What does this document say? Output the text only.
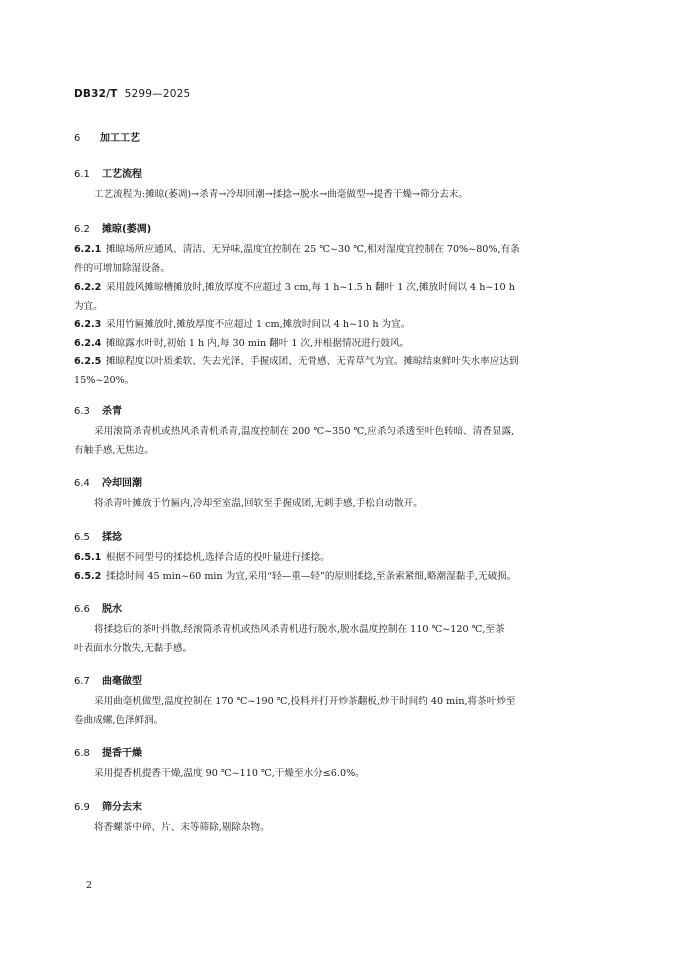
DB32/T 5299—2025
6 加工工艺
6.1 工艺流程
工艺流程为:摊晾(萎凋)→杀青→冷却回潮→揉捻→脱水→曲毫做型→提香干燥→筛分去末。
6.2 摊晾(萎凋)
6.2.1 摊晾场所应通风、清洁、无异味,温度宜控制在 25 ℃~30 ℃,相对湿度宜控制在 70%~80%,有条
件的可增加除湿设备。
6.2.2 采用鼓风摊晾槽摊放时,摊放厚度不应超过 3 cm,每 1 h~1.5 h 翻叶 1 次,摊放时间以 4 h~10 h
为宜。
6.2.3 采用竹匾摊放时,摊放厚度不应超过 1 cm,摊放时间以 4 h~10 h 为宜。
6.2.4 摊晾露水叶时,初始 1 h 内,每 30 min 翻叶 1 次,并根据情况进行鼓风。
6.2.5 摊晾程度以叶质柔软、失去光泽、手握成团、无骨感、无青草气为宜。摊晾结束鲜叶失水率应达到
15%~20%。
6.3 杀青
采用滚筒杀青机或热风杀青机杀青,温度控制在 200 ℃~350 ℃,应杀匀杀透至叶色转暗、清香显露,
有触手感,无焦边。
6.4 冷却回潮
将杀青叶摊放于竹匾内,冷却至室温,回软至手握成团,无刺手感,手松自动散开。
6.5 揉捻
6.5.1 根据不同型号的揉捻机,选择合适的投叶量进行揉捻。
6.5.2 揉捻时间 45 min~60 min 为宜,采用“轻—重—轻”的原则揉捻,至条索紧细,略潮湿黏手,无破损。
6.6 脱水
将揉捻后的茶叶抖散,经滚筒杀青机或热风杀青机进行脱水,脱水温度控制在 110 ℃~120 ℃,至茶
叶表面水分散失,无黏手感。
6.7 曲毫做型
采用曲毫机做型,温度控制在 170 ℃~190 ℃,投料并打开炒茶翻板,炒干时间约 40 min,将茶叶炒至
卷曲成螺,色泽鲜润。
6.8 提香干燥
采用提香机提香干燥,温度 90 ℃~110 ℃,干燥至水分≤6.0%。
6.9 筛分去末
将香螺茶中碎、片、末等筛除,剔除杂物。
2
